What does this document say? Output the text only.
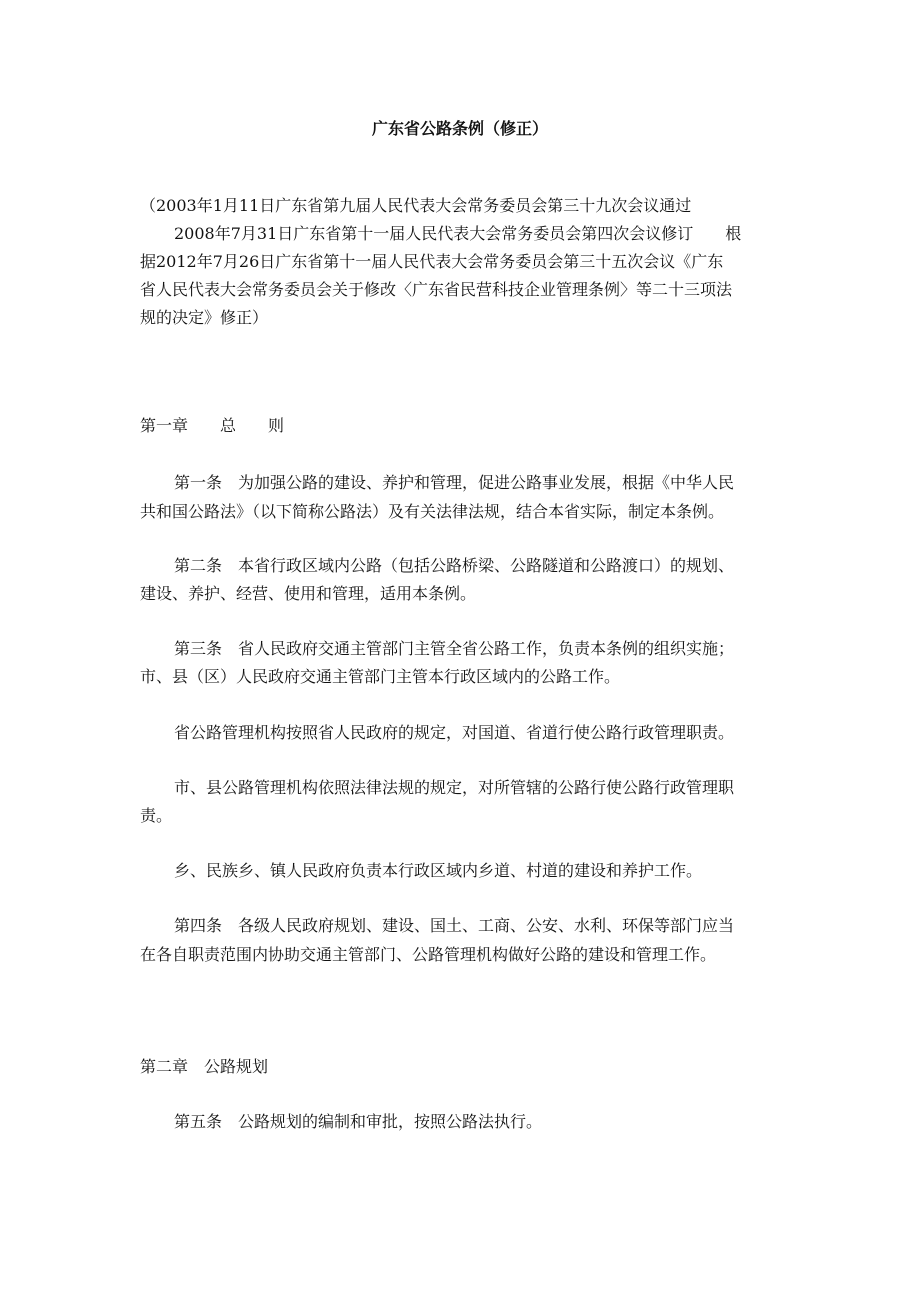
广东省公路条例（修正）
（2003年1月11日广东省第九届人民代表大会常务委员会第三十九次会议通过
2008年7月31日广东省第十一届人民代表大会常务委员会第四次会议修订　　根
据2012年7月26日广东省第十一届人民代表大会常务委员会第三十五次会议《广东
省人民代表大会常务委员会关于修改〈广东省民营科技企业管理条例〉等二十三项法
规的决定》修正）
第一章　　总　　则
第一条　为加强公路的建设、养护和管理，促进公路事业发展，根据《中华人民
共和国公路法》（以下简称公路法）及有关法律法规，结合本省实际，制定本条例。
第二条　本省行政区域内公路（包括公路桥梁、公路隧道和公路渡口）的规划、
建设、养护、经营、使用和管理，适用本条例。
第三条　省人民政府交通主管部门主管全省公路工作，负责本条例的组织实施；
市、县（区）人民政府交通主管部门主管本行政区域内的公路工作。
省公路管理机构按照省人民政府的规定，对国道、省道行使公路行政管理职责。
市、县公路管理机构依照法律法规的规定，对所管辖的公路行使公路行政管理职
责。
乡、民族乡、镇人民政府负责本行政区域内乡道、村道的建设和养护工作。
第四条　各级人民政府规划、建设、国土、工商、公安、水利、环保等部门应当
在各自职责范围内协助交通主管部门、公路管理机构做好公路的建设和管理工作。
第二章　公路规划
第五条　公路规划的编制和审批，按照公路法执行。
